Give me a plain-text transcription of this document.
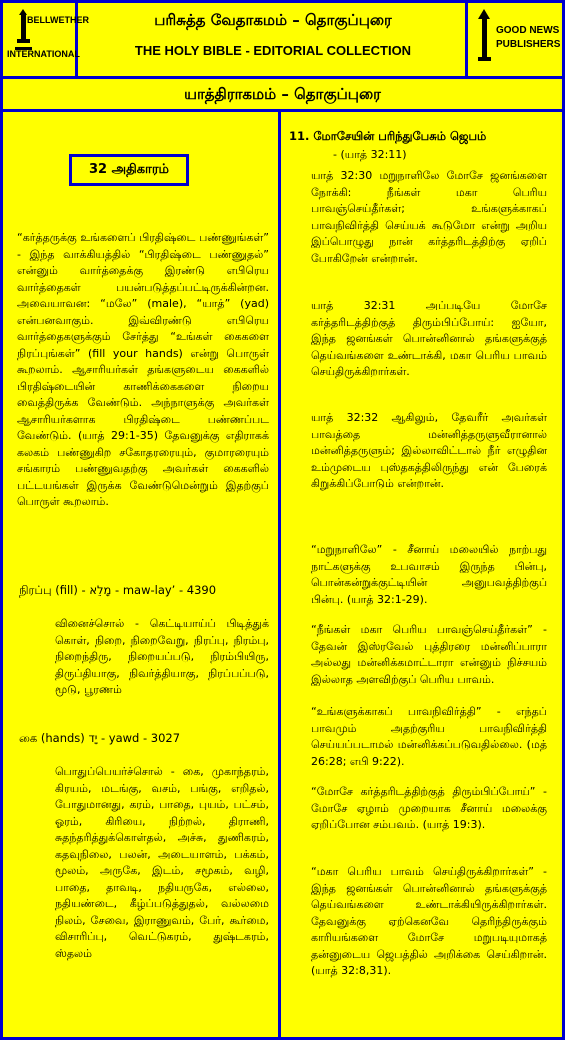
BELLWETHER
INTERNATIONAL
பரிசுத்த வேதாகமம் – தொகுப்புரை
THE HOLY BIBLE - EDITORIAL COLLECTION
GOOD NEWS
PUBLISHERS
யாத்திராகமம் – தொகுப்புரை
32 அதிகாரம்

“கர்த்தருக்கு உங்களைப் பிரதிஷ்டை பண்ணுங்கள்” - இந்த வாக்கியத்தில் “பிரதிஷ்டை பண்ணுதல்” என்னும் வார்த்தைக்கு இரண்டு எபிரெய வார்த்தைகள் பயன்படுத்தப்பட்டிருக்கின்றன. அவையாவன: “மலே” (male), “யாத்” (yad) என்பனவாகும். இவ்விரண்டு எபிரெய வார்த்தைகளுக்கும் சேர்த்து “உங்கள் கைகளை நிரப்புங்கள்” (fill your hands) என்று பொருள் கூறலாம். ஆசாரியர்கள் தங்களுடைய கைகளில் பிரதிஷ்டையின் காணிக்கைகளை நிறைய வைத்திருக்க வேண்டும். அந்நாளுக்கு அவர்கள் ஆசாரியர்களாக பிரதிஷ்டை பண்ணப்பட வேண்டும். (யாத் 29:1-35) தேவனுக்கு எதிராகக் கலகம் பண்ணுகிற சகோதரரையும், குமாரரையும் சங்காரம் பண்ணுவதற்கு அவர்கள் கைகளில் பட்டயங்கள் இருக்க வேண்டுமென்றும் இதற்குப் பொருள் கூறலாம்.

நிரப்பு (fill) - מָלֵא - maw-lay’ - 4390

வினைச்சொல் - கெட்டியாய்ப் பிடித்துக் கொள், நிறை, நிறைவேறு, நிரப்பு, நிரம்பு, நிறைந்திரு, நிறையப்படு, நிரம்பியிரு, திருப்தியாகு, நிவர்த்தியாகு, நிரப்பப்படு, மூடு, பூரணம்

கை (hands) יָד - yawd - 3027

பொதுப்பெயர்ச்சொல் - கை, முகாந்தரம், கிரயம், மடங்கு, வசம், பங்கு, எறிதல், போதுமானது, கரம், பாதை, புயம், பட்சம், ஓரம், கிரியை, நிற்றல், திராணி, சுதந்தரித்துக்கொள்தல், அச்சு, துணிகரம், கதவுநிலை, பலன், அடையாளம், பக்கம், மூலம், அருகே, இடம், சமூகம், வழி, பாதை, தாவடி, நதியருகே, எல்லை, நதியண்டை, கீழ்ப்படுத்துதல், வல்லமை நிலம், சேவை, இராணுவம், பேர், கூர்மை, விசாரிப்பு, வெட்டுகரம், துஷ்டகரம், ஸ்தலம்

11. மோசேயின் பரிந்துபேசும் ஜெபம்
- (யாத் 32:11)

யாத் 32:30 மறுநாளிலே மோசே ஜனங்களை நோக்கி: நீங்கள் மகா பெரிய பாவஞ்செய்தீர்கள்; உங்களுக்காகப் பாவநிவிர்த்தி செய்யக் கூடுமோ என்று அறிய இப்பொழுது நான் கர்த்தரிடத்திற்கு ஏறிப் போகிறேன் என்றான்.

யாத் 32:31 அப்படியே மோசே கர்த்தரிடத்திற்குத் திரும்பிப்போய்: ஐயோ, இந்த ஜனங்கள் பொன்னினால் தங்களுக்குத் தெய்வங்களை உண்டாக்கி, மகா பெரிய பாவம் செய்திருக்கிறார்கள்.

யாத் 32:32 ஆகிலும், தேவரீர் அவர்கள் பாவத்தை மன்னித்தருளுவீரானால் மன்னித்தருளும்; இல்லாவிட்டால் நீர் எழுதின உம்முடைய புஸ்தகத்திலிருந்து என் பேரைக் கிறுக்கிப்போடும் என்றான்.

“மறுநாளிலே” - சீனாய் மலையில் நாற்பது நாட்களுக்கு உபவாசம் இருந்த பின்பு, பொன்கன்றுக்குட்டியின் அனுபவத்திற்குப் பின்பு. (யாத் 32:1-29).

“நீங்கள் மகா பெரிய பாவஞ்செய்தீர்கள்” - தேவன் இஸ்ரவேல் புத்திரரை மன்னிப்பாரா அல்லது மன்னிக்கமாட்டாரா என்னும் நிச்சயம் இல்லாத அளவிற்குப் பெரிய பாவம்.

“உங்களுக்காகப் பாவநிவிர்த்தி” - எந்தப் பாவமும் அதற்குரிய பாவநிவிர்த்தி செய்யப்படாமல் மன்னிக்கப்படுவதில்லை. (மத் 26:28; எபி 9:22).

“மோசே கர்த்தரிடத்திற்குத் திரும்பிப்போய்” - மோசே ஏழாம் முறையாக சீனாய் மலைக்கு ஏறிப்போன சம்பவம். (யாத் 19:3).

“மகா பெரிய பாவம் செய்திருக்கிறார்கள்” - இந்த ஜனங்கள் பொன்னினால் தங்களுக்குத் தெய்வங்களை உண்டாக்கியிருக்கிறார்கள். தேவனுக்கு ஏற்கெனவே தெரிந்திருக்கும் காரியங்களை மோசே மறுபடியுமாகத் தன்னுடைய ஜெபத்தில் அறிக்கை செய்கிறான். (யாத் 32:8,31).
